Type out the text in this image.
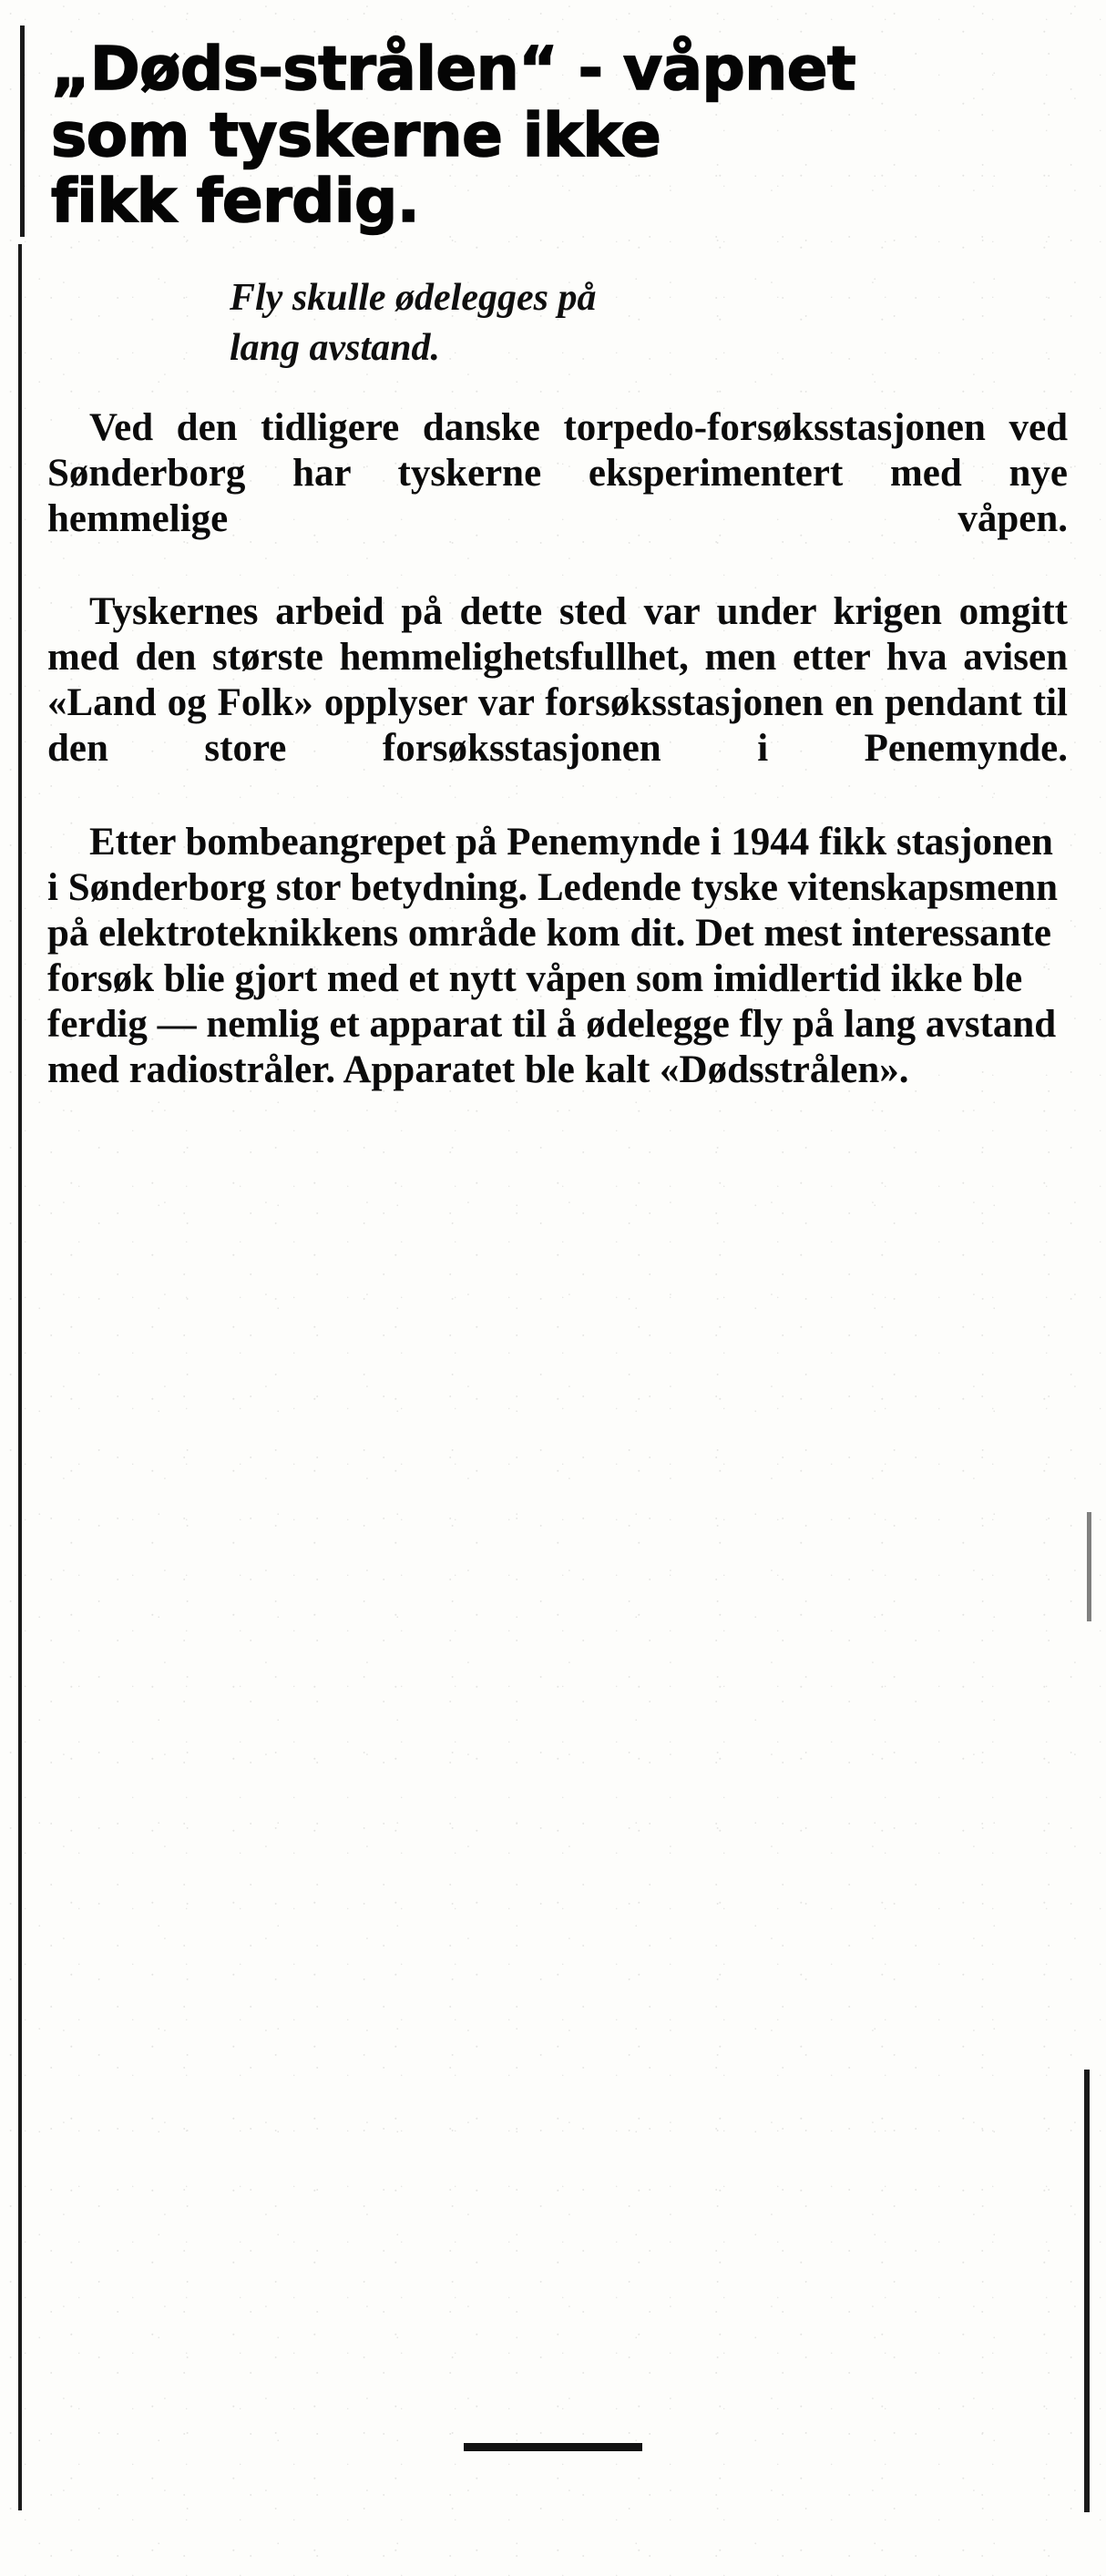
„Døds-strålen“ - våpnet
som tyskerne ikke
fikk ferdig.
Fly skulle ødelegges på
lang avstand.

Ved den tidligere danske torpedo-forsøksstasjonen ved Sønderborg har tyskerne eksperimentert med nye hemmelige våpen.

Tyskernes arbeid på dette sted var under krigen omgitt med den største hemmelighetsfullhet, men etter hva avisen «Land og Folk» opplyser var forsøksstasjonen en pendant til den store forsøksstasjonen i Penemynde.

Etter bombeangrepet på Penemynde i 1944 fikk stasjonen i Sønderborg stor betydning. Ledende tyske vitenskapsmenn på elektroteknikkens område kom dit. Det mest interessante forsøk blie gjort med et nytt våpen som imidlertid ikke ble ferdig — nemlig et apparat til å ødelegge fly på lang avstand med radiostråler. Apparatet ble kalt «Dødsstrålen».
